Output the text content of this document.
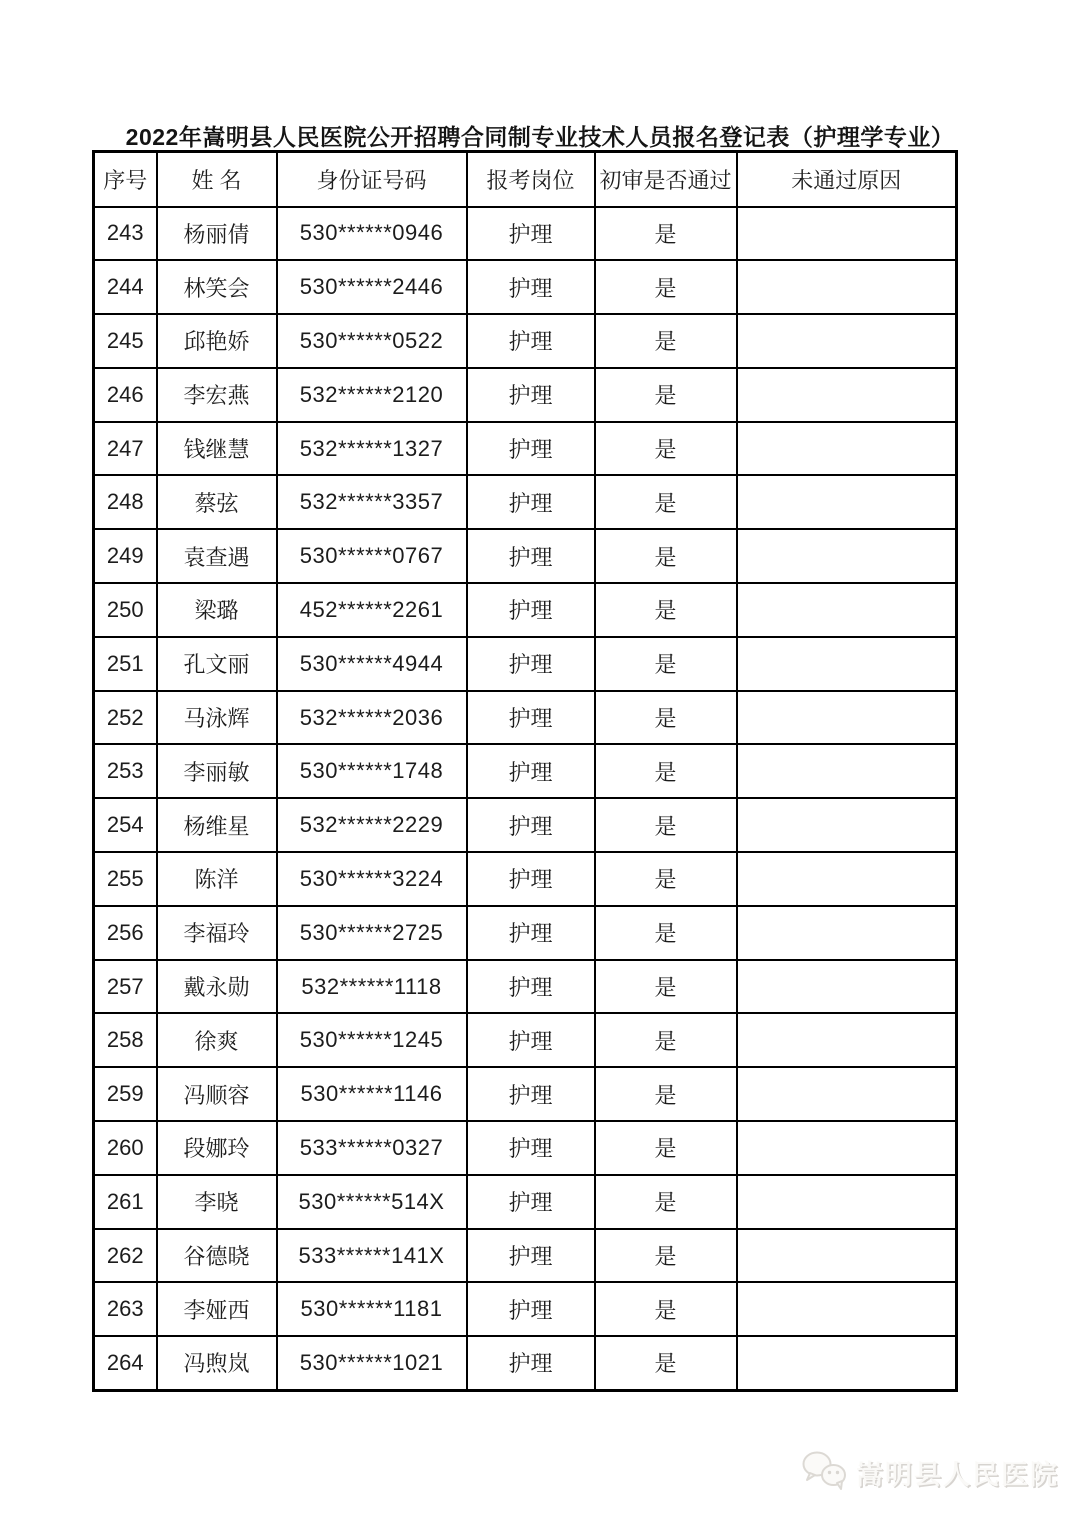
2022年嵩明县人民医院公开招聘合同制专业技术人员报名登记表（护理学专业）
序号	姓 名	身份证号码	报考岗位	初审是否通过	未通过原因
243	杨丽倩	530******0946	护理	是	
244	林笑会	530******2446	护理	是	
245	邱艳娇	530******0522	护理	是	
246	李宏燕	532******2120	护理	是	
247	钱继慧	532******1327	护理	是	
248	蔡弦	532******3357	护理	是	
249	袁查遇	530******0767	护理	是	
250	梁璐	452******2261	护理	是	
251	孔文丽	530******4944	护理	是	
252	马泳辉	532******2036	护理	是	
253	李丽敏	530******1748	护理	是	
254	杨维星	532******2229	护理	是	
255	陈洋	530******3224	护理	是	
256	李福玲	530******2725	护理	是	
257	戴永勋	532******1118	护理	是	
258	徐爽	530******1245	护理	是	
259	冯顺容	530******1146	护理	是	
260	段娜玲	533******0327	护理	是	
261	李晓	530******514X	护理	是	
262	谷德晓	533******141X	护理	是	
263	李娅西	530******1181	护理	是	
264	冯煦岚	530******1021	护理	是	
嵩明县人民医院
